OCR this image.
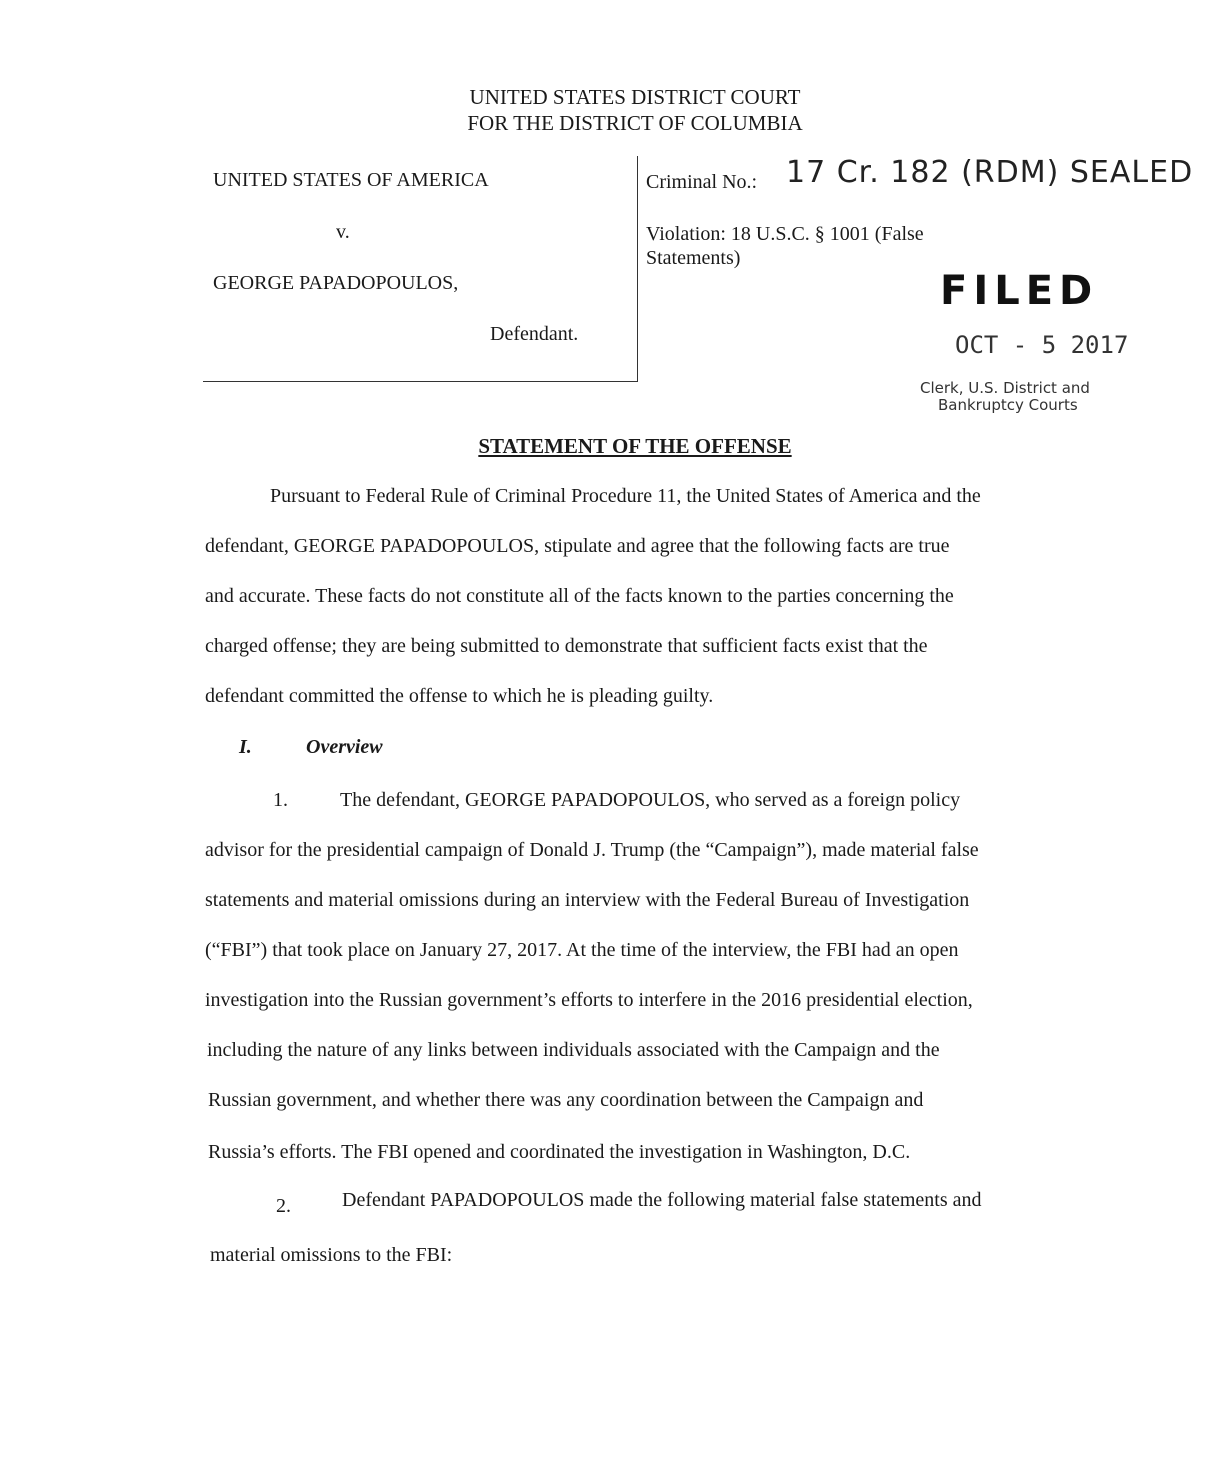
UNITED STATES DISTRICT COURT
FOR THE DISTRICT OF COLUMBIA
UNITED STATES OF AMERICA
v.
GEORGE PAPADOPOULOS,
Defendant.
Criminal No.: 17 Cr. 182 (RDM) SEALED
Violation: 18 U.S.C. § 1001 (False
Statements)
FILED
OCT - 5 2017
Clerk, U.S. District and
Bankruptcy Courts
STATEMENT OF THE OFFENSE
Pursuant to Federal Rule of Criminal Procedure 11, the United States of America and the
defendant, GEORGE PAPADOPOULOS, stipulate and agree that the following facts are true
and accurate. These facts do not constitute all of the facts known to the parties concerning the
charged offense; they are being submitted to demonstrate that sufficient facts exist that the
defendant committed the offense to which he is pleading guilty.
I.	Overview
1.	The defendant, GEORGE PAPADOPOULOS, who served as a foreign policy
advisor for the presidential campaign of Donald J. Trump (the “Campaign”), made material false
statements and material omissions during an interview with the Federal Bureau of Investigation
(“FBI”) that took place on January 27, 2017. At the time of the interview, the FBI had an open
investigation into the Russian government’s efforts to interfere in the 2016 presidential election,
including the nature of any links between individuals associated with the Campaign and the
Russian government, and whether there was any coordination between the Campaign and
Russia’s efforts. The FBI opened and coordinated the investigation in Washington, D.C.
2.	Defendant PAPADOPOULOS made the following material false statements and
material omissions to the FBI:
